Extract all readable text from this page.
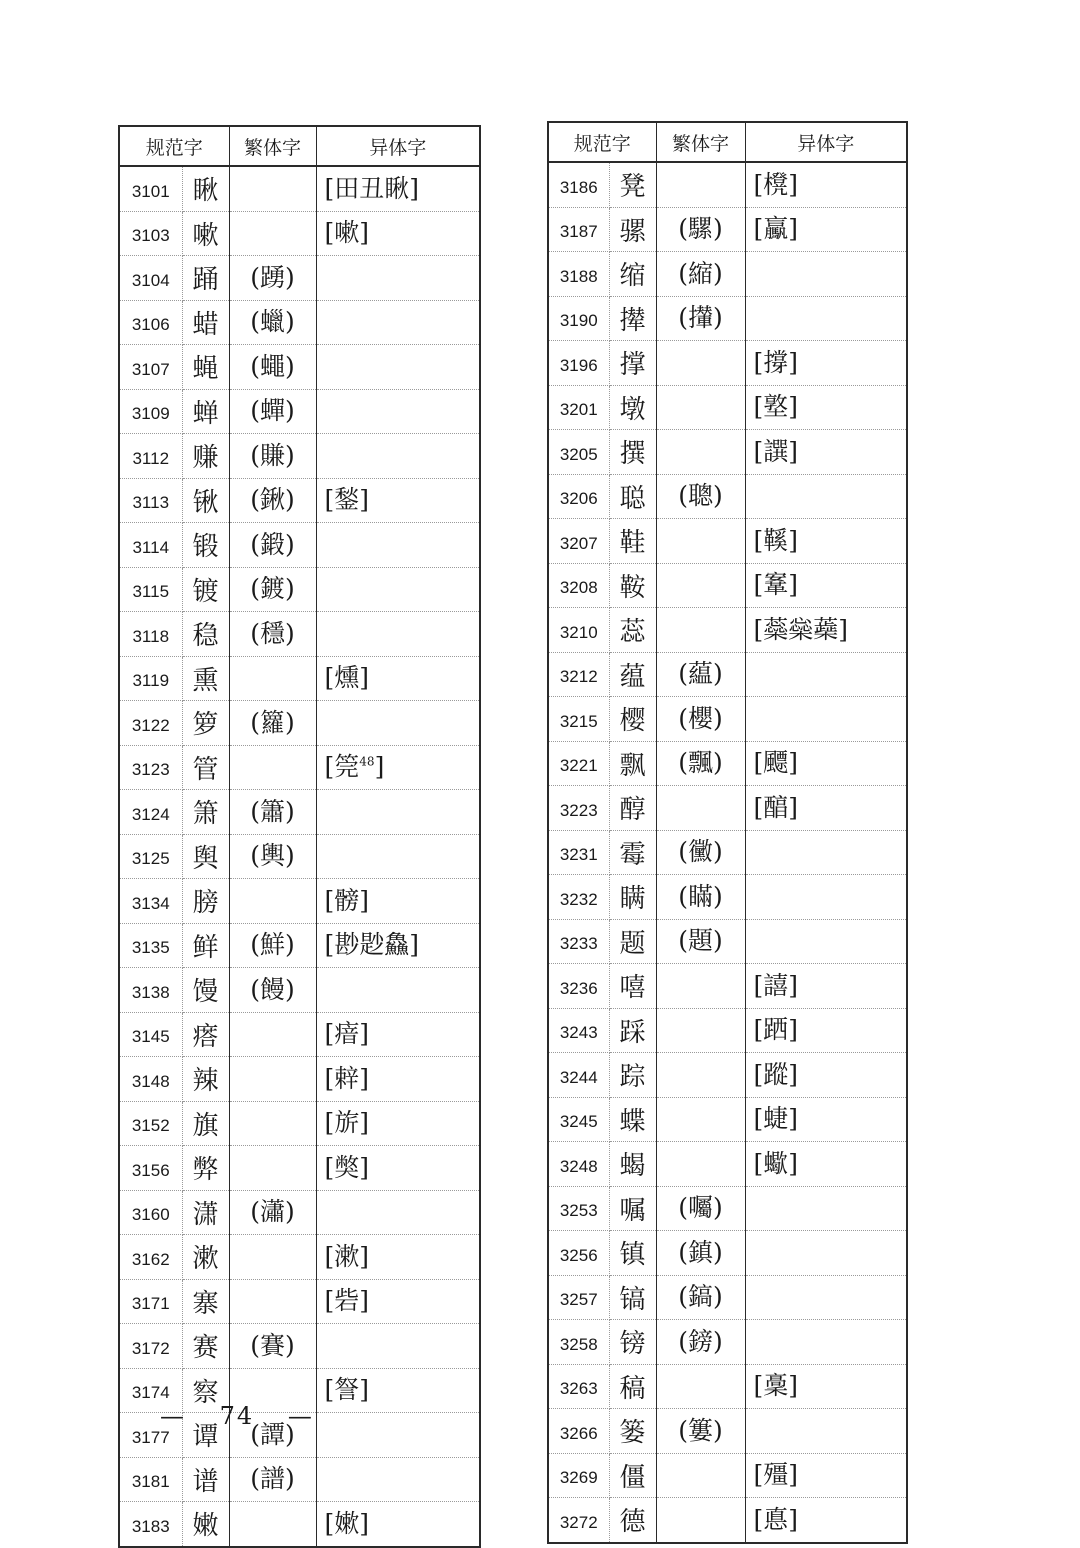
规范字		繁体字	异体字
3101	瞅		[田丑瞅]
3103	嗽		[嗽]
3104	踊	(踴)	
3106	蜡	(蠟)	
3107	蝇	(蠅)	
3109	蝉	(蟬)	
3112	赚	(賺)	
3113	锹	(鍬)	[鍫]
3114	锻	(鍛)	
3115	镀	(鍍)	
3118	稳	(穩)	
3119	熏		[燻]
3122	箩	(籮)	
3123	管		[筦$^{48}$]
3124	箫	(簫)	
3125	舆	(輿)	
3134	膀		[髈]
3135	鲜	(鮮)	[尠尟鱻]
3138	馒	(饅)	
3145	瘩		[瘖]
3148	辣		[辢]
3152	旗		[旂]
3156	弊		[獘]
3160	潇	(瀟)	
3162	漱		[漱]
3171	寨		[砦]
3172	赛	(賽)	
3174	察		[詧]
3177	谭	(譚)	
3181	谱	(譜)	
3183	嫩		[嫰]
规范字		繁体字	异体字
3186	凳		[櫈]
3187	骡	(騾)	[驘]
3188	缩	(縮)	
3190	撵	(攆)	
3196	撑		[撐]
3201	墩		[墪]
3205	撰		[譔]
3206	聪	(聰)	
3207	鞋		[鞵]
3208	鞍		[鞌]
3210	蕊		[蘂橤蘃]
3212	蕴	(藴)	
3215	樱	(櫻)	
3221	飘	(飄)	[飃]
3223	醇		[醕]
3231	霉	(黴)	
3232	瞒	(瞞)	
3233	题	(題)	
3236	嘻		[譆]
3243	踩		[跴]
3244	踪		[蹤]
3245	蝶		[蜨]
3248	蝎		[蠍]
3253	嘱	(囑)	
3256	镇	(鎮)	
3257	镐	(鎬)	
3258	镑	(鎊)	
3263	稿		[稾]
3266	篓	(簍)	
3269	僵		[殭]
3272	德		[悳]
— 74 —
